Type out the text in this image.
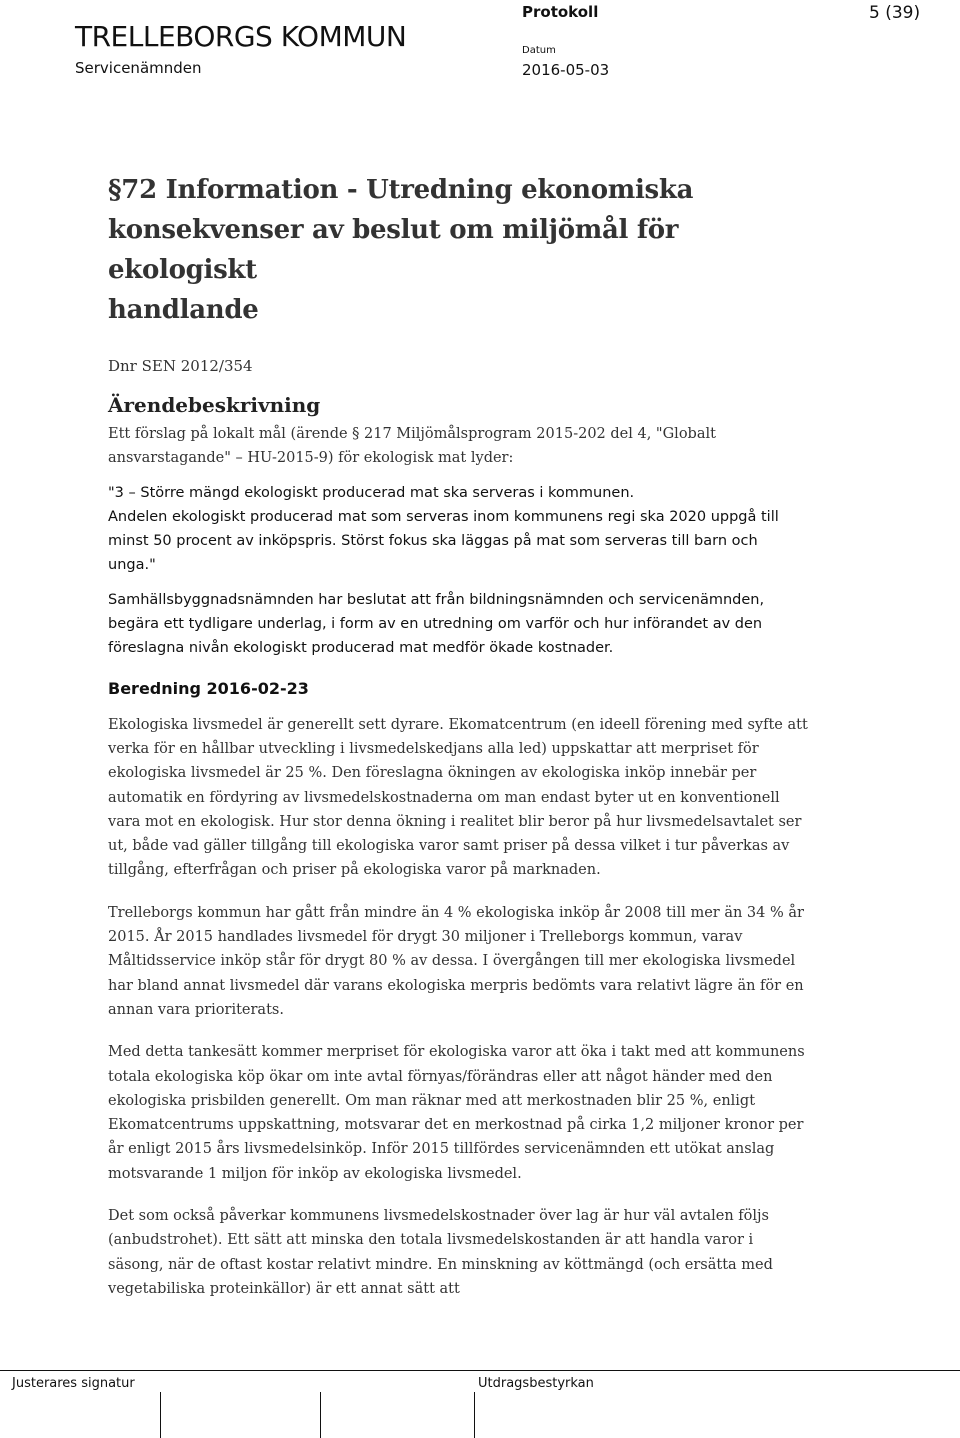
TRELLEBORGS KOMMUN
Servicenämnden
Protokoll	5 (39)
Datum
2016-05-03
§72 Information - Utredning ekonomiska
konsekvenser av beslut om miljömål för ekologiskt
handlande
Dnr SEN 2012/354
Ärendebeskrivning

Ett förslag på lokalt mål (ärende § 217 Miljömålsprogram 2015-202 del 4, "Globalt ansvarstagande" – HU-2015-9) för ekologisk mat lyder:

"3 – Större mängd ekologiskt producerad mat ska serveras i kommunen.

Andelen ekologiskt producerad mat som serveras inom kommunens regi ska 2020 uppgå till minst 50 procent av inköpspris. Störst fokus ska läggas på mat som serveras till barn och unga."

Samhällsbyggnadsnämnden har beslutat att från bildningsnämnden och servicenämnden, begära ett tydligare underlag, i form av en utredning om varför och hur införandet av den föreslagna nivån ekologiskt producerad mat medför ökade kostnader.

Beredning 2016-02-23

Ekologiska livsmedel är generellt sett dyrare. Ekomatcentrum (en ideell förening med syfte att verka för en hållbar utveckling i livsmedelskedjans alla led) uppskattar att merpriset för ekologiska livsmedel är 25 %. Den föreslagna ökningen av ekologiska inköp innebär per automatik en fördyring av livsmedelskostnaderna om man endast byter ut en konventionell vara mot en ekologisk. Hur stor denna ökning i realitet blir beror på hur livsmedelsavtalet ser ut, både vad gäller tillgång till ekologiska varor samt priser på dessa vilket i tur påverkas av tillgång, efterfrågan och priser på ekologiska varor på marknaden.

Trelleborgs kommun har gått från mindre än 4 % ekologiska inköp år 2008 till mer än 34 % år 2015. År 2015 handlades livsmedel för drygt 30 miljoner i Trelleborgs kommun, varav Måltidsservice inköp står för drygt 80 % av dessa. I övergången till mer ekologiska livsmedel har bland annat livsmedel där varans ekologiska merpris bedömts vara relativt lägre än för en annan vara prioriterats.

Med detta tankesätt kommer merpriset för ekologiska varor att öka i takt med att kommunens totala ekologiska köp ökar om inte avtal förnyas/förändras eller att något händer med den ekologiska prisbilden generellt. Om man räknar med att merkostnaden blir 25 %, enligt Ekomatcentrums uppskattning, motsvarar det en merkostnad på cirka 1,2 miljoner kronor per år enligt 2015 års livsmedelsinköp. Inför 2015 tillfördes servicenämnden ett utökat anslag motsvarande 1 miljon för inköp av ekologiska livsmedel.

Det som också påverkar kommunens livsmedelskostnader över lag är hur väl avtalen följs (anbudstrohet). Ett sätt att minska den totala livsmedelskostanden är att handla varor i säsong, när de oftast kostar relativt mindre. En minskning av köttmängd (och ersätta med vegetabiliska proteinkällor) är ett annat sätt att

Justerares signatur	Utdragsbestyrkan
